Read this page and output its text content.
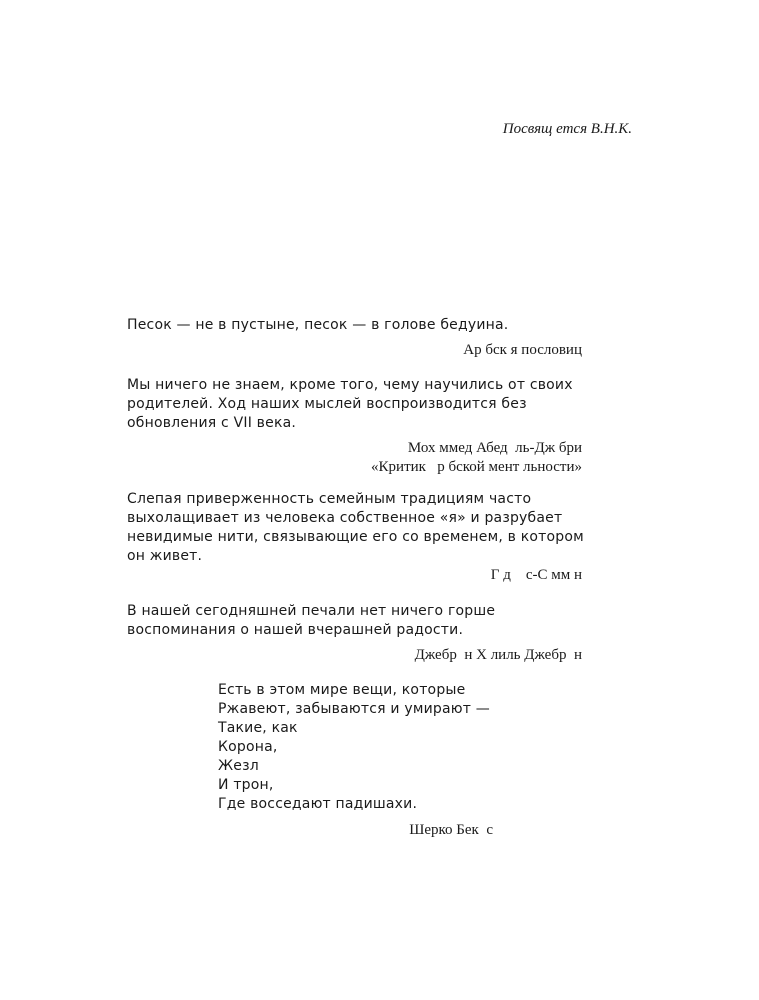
Посвящ ется В.Н.К.
Песок — не в пустыне, песок — в голове бедуина.
Ар бск я пословиц
Мы ничего не знаем, кроме того, чему научились от своих
родителей. Ход наших мыслей воспроизводится без
обновления с VII века.
Мох ммед Абед  ль-Дж бри
«Критик   р бской мент льности»
Слепая приверженность семейным традициям часто
выхолащивает из человека собственное «я» и разрубает
невидимые нити, связывающие его со временем, в котором
он живет.
Г д    с-С мм н
В нашей сегодняшней печали нет ничего горше
воспоминания о нашей вчерашней радости.
Джебр  н Х лиль Джебр  н
Есть в этом мире вещи, которые
Ржавеют, забываются и умирают —
Такие, как
Корона,
Жезл
И трон,
Где восседают падишахи.
Шерко Бек  с
